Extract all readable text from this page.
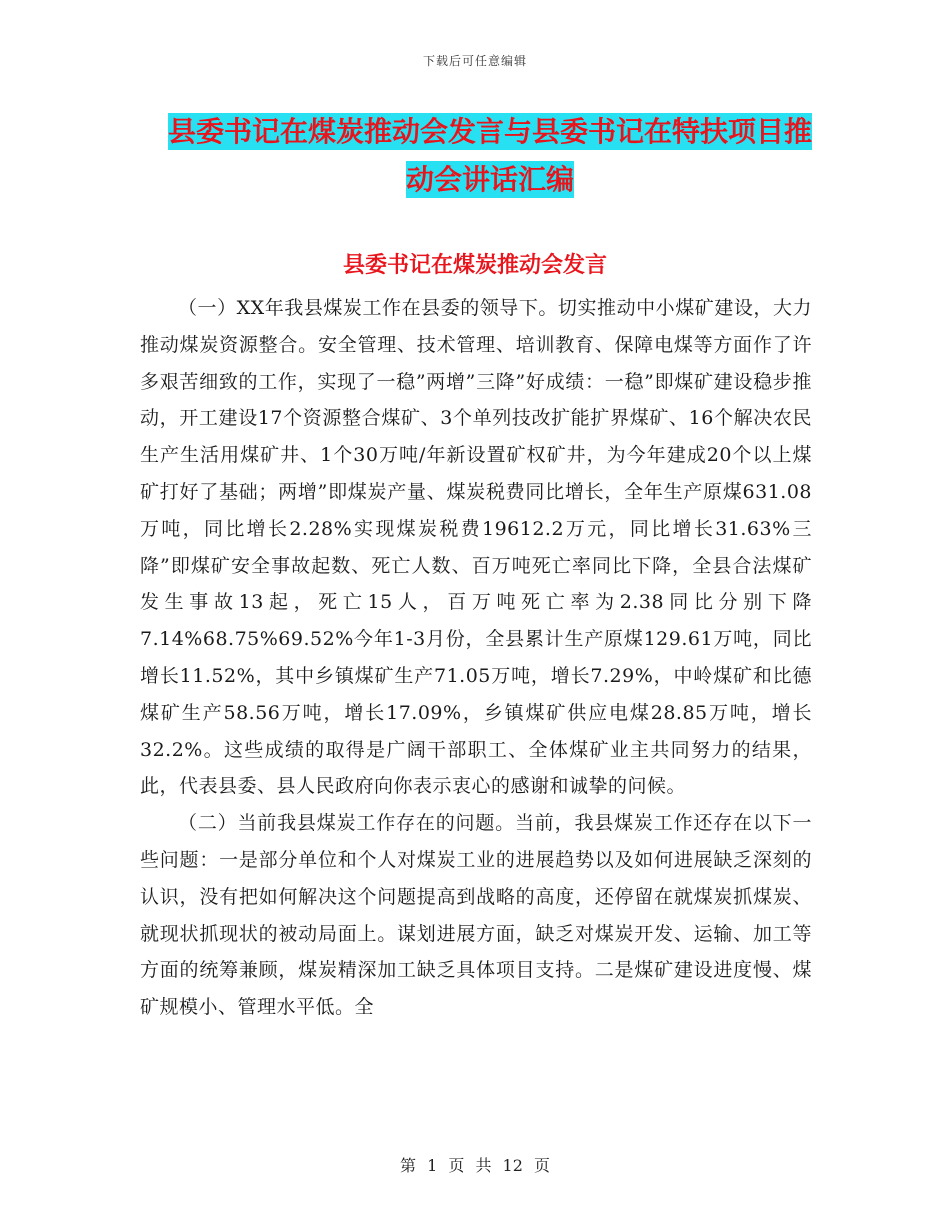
下载后可任意编辑
县委书记在煤炭推动会发言与县委书记在特扶项目推
动会讲话汇编
县委书记在煤炭推动会发言

（一）XX年我县煤炭工作在县委的领导下。切实推动中小煤矿建设，大力推动煤炭资源整合。安全管理、技术管理、培训教育、保障电煤等方面作了许多艰苦细致的工作，实现了一稳”两增”三降”好成绩：一稳”即煤矿建设稳步推动，开工建设17个资源整合煤矿、3个单列技改扩能扩界煤矿、16个解决农民生产生活用煤矿井、1个30万吨/年新设置矿权矿井，为今年建成20个以上煤矿打好了基础；两增”即煤炭产量、煤炭税费同比增长，全年生产原煤631.08万吨，同比增长2.28%实现煤炭税费19612.2万元，同比增长31.63%三降”即煤矿安全事故起数、死亡人数、百万吨死亡率同比下降，全县合法煤矿发生事故13起，死亡15人，百万吨死亡率为2.38同比分别下降7.14%68.75%69.52%今年1-3月份，全县累计生产原煤129.61万吨，同比增长11.52%，其中乡镇煤矿生产71.05万吨，增长7.29%，中岭煤矿和比德煤矿生产58.56万吨，增长17.09%，乡镇煤矿供应电煤28.85万吨，增长32.2%。这些成绩的取得是广阔干部职工、全体煤矿业主共同努力的结果，此，代表县委、县人民政府向你表示衷心的感谢和诚挚的问候。

（二）当前我县煤炭工作存在的问题。当前，我县煤炭工作还存在以下一些问题：一是部分单位和个人对煤炭工业的进展趋势以及如何进展缺乏深刻的认识，没有把如何解决这个问题提高到战略的高度，还停留在就煤炭抓煤炭、就现状抓现状的被动局面上。谋划进展方面，缺乏对煤炭开发、运输、加工等方面的统筹兼顾，煤炭精深加工缺乏具体项目支持。二是煤矿建设进度慢、煤矿规模小、管理水平低。全

第 1 页 共 12 页
